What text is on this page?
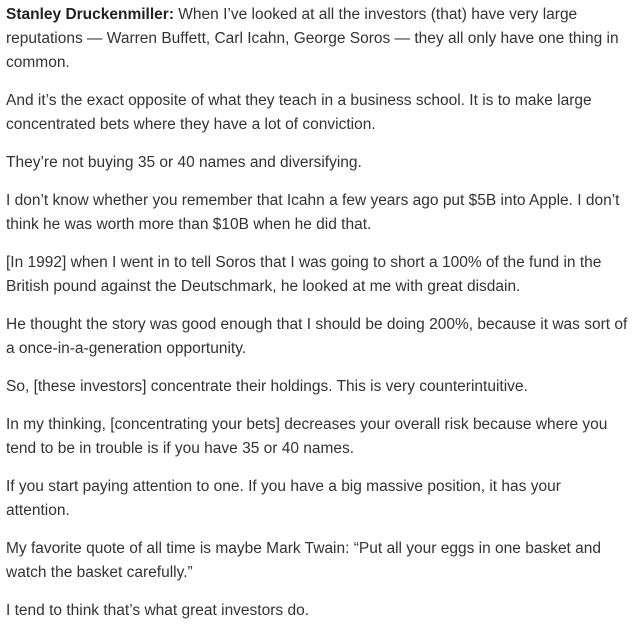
Stanley Druckenmiller: When I’ve looked at all the investors (that) have very large reputations — Warren Buffett, Carl Icahn, George Soros — they all only have one thing in common.

And it’s the exact opposite of what they teach in a business school. It is to make large concentrated bets where they have a lot of conviction.

They’re not buying 35 or 40 names and diversifying.

I don’t know whether you remember that Icahn a few years ago put $5B into Apple. I don’t think he was worth more than $10B when he did that.

[In 1992] when I went in to tell Soros that I was going to short a 100% of the fund in the British pound against the Deutschmark, he looked at me with great disdain.

He thought the story was good enough that I should be doing 200%, because it was sort of a once-in-a-generation opportunity.

So, [these investors] concentrate their holdings. This is very counterintuitive.

In my thinking, [concentrating your bets] decreases your overall risk because where you tend to be in trouble is if you have 35 or 40 names.

If you start paying attention to one. If you have a big massive position, it has your attention.

My favorite quote of all time is maybe Mark Twain: “Put all your eggs in one basket and watch the basket carefully.”

I tend to think that’s what great investors do.
